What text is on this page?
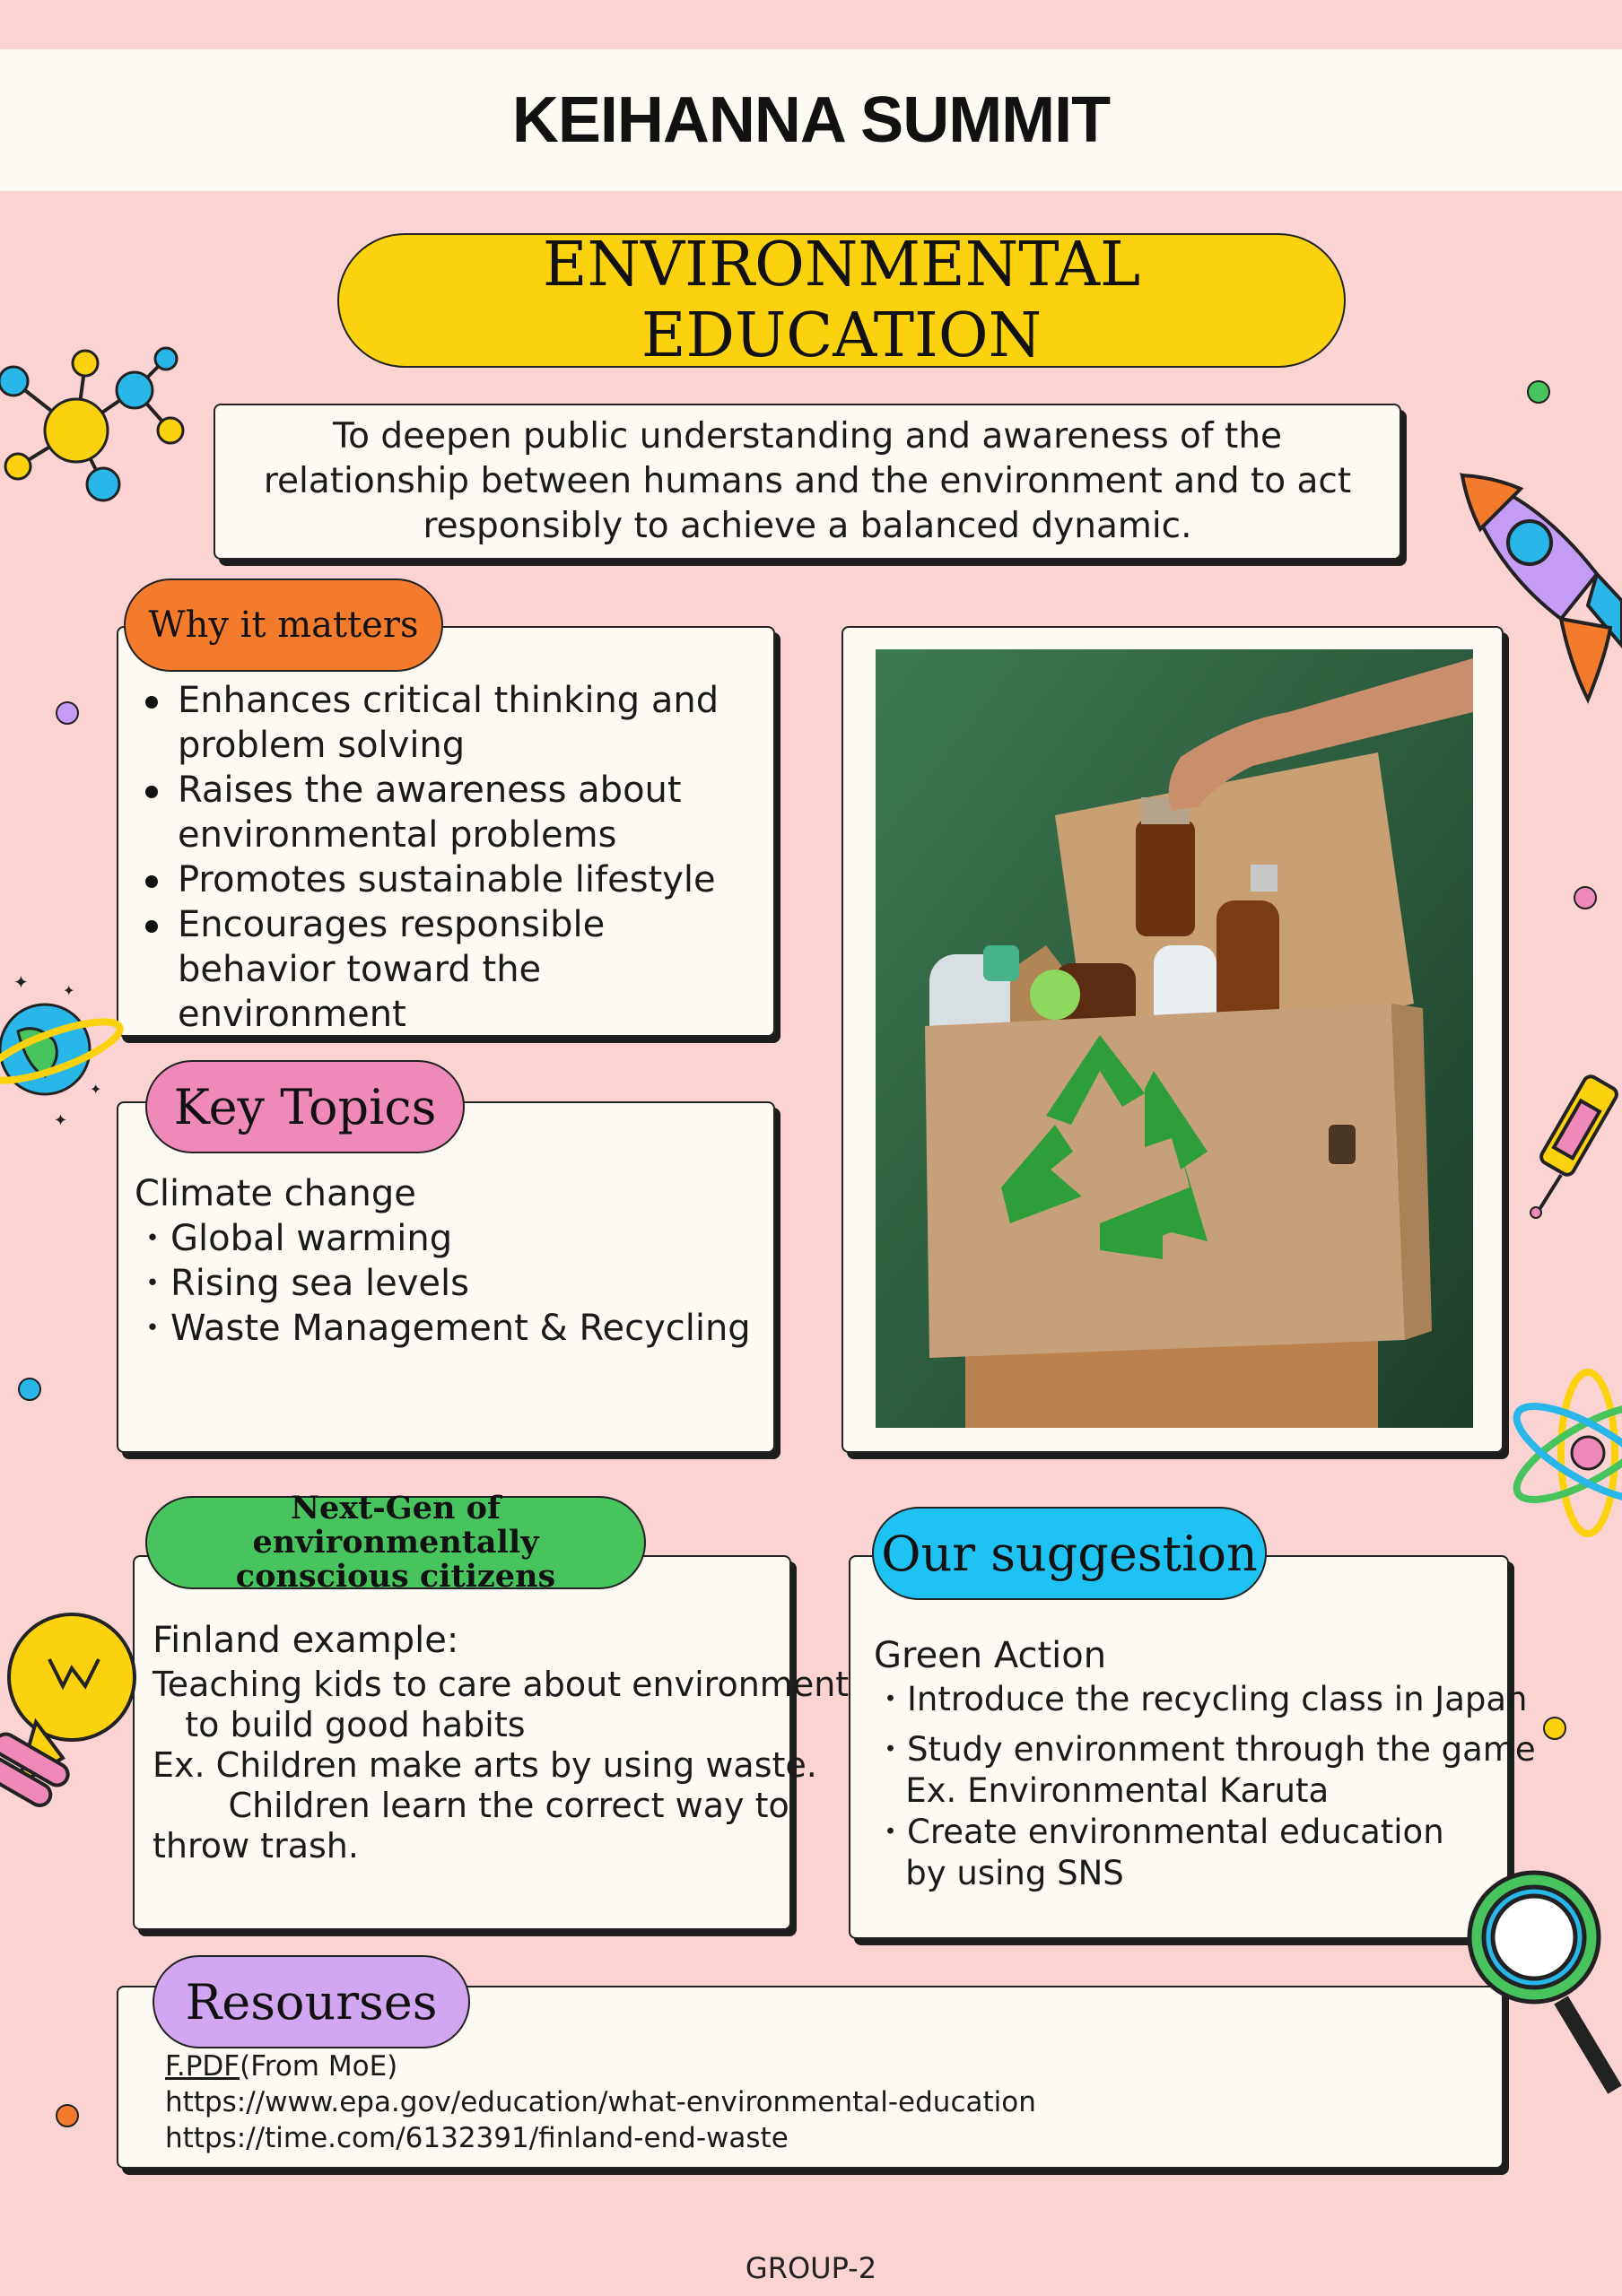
KEIHANNA SUMMIT
ENVIRONMENTAL EDUCATION

To deepen public understanding and awareness of the relationship between humans and the environment and to act responsibly to achieve a balanced dynamic.

Enhances critical thinking and problem solving
Raises the awareness about environmental problems
Promotes sustainable lifestyle
Encourages responsible behavior toward the environment
Why it matters
Climate change
・Global warming
・Rising sea levels
・Waste Management & Recycling
Key Topics
Finland example:
Teaching kids to care about environment
to build good habits
Ex. Children make arts by using waste.
Children learn the correct way to
throw trash.
Next-Gen of environmentally
conscious citizens
Green Action
・Introduce the recycling class in Japan
・Study environment through the game
Ex. Environmental Karuta
・Create environmental education
by using SNS
Our suggestion
F.PDF(From MoE)
https://www.epa.gov/education/what-environmental-education
https://time.com/6132391/finland-end-waste
Resourses
GROUP-2
✦ ✦
✦
✦
